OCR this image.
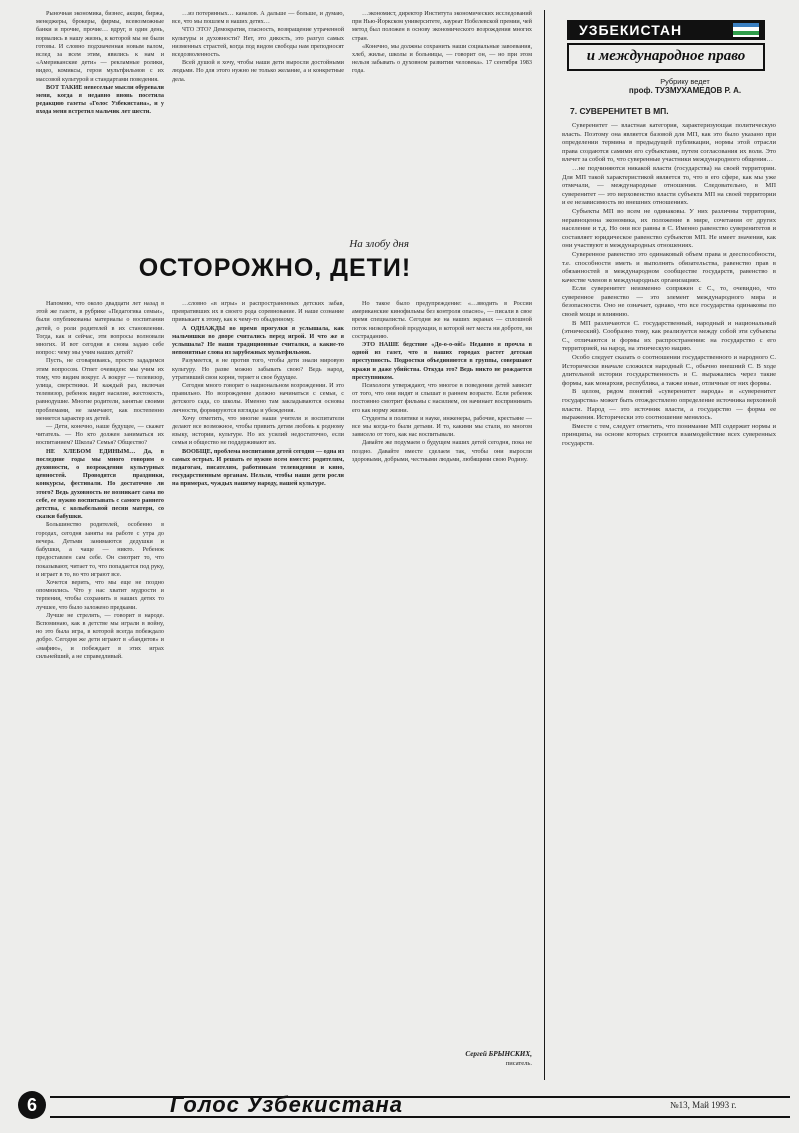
Рыночная экономика, бизнес, акции, биржа, менеджеры, брокеры, фирмы, всевозможные банки и прочие, прочие… вдруг, в один день, ворвались в нашу жизнь, к которой мы не были готовы. И словно подхваченная новым валом, вслед за всем этим, явились к нам и «Американские дети» — рекламные ролики, видео, комиксы, герои мультфильмов с их массовой культурой и стандартами поведения.

ВОТ ТАКИЕ невеселые мысли обуревали меня, когда я недавно вновь посетила редакцию газеты «Голос Узбекистана», и у входа меня встретил мальчик лет шести.

Напомню, что около двадцати лет назад в этой же газете, в рубрике «Педагогика семьи», были опубликованы материалы о воспитании детей, о роли родителей в их становлении. Тогда, как и сейчас, эти вопросы волновали многих. И вот сегодня я снова задаю себе вопрос: чему мы учим наших детей?

Пусть, не сговариваясь, просто зададимся этим вопросом. Ответ очевиден: мы учим их тому, что видим вокруг. А вокруг — телевизор, улица, сверстники. И каждый раз, включая телевизор, ребенок видит насилие, жестокость, равнодушие. Многие родители, занятые своими проблемами, не замечают, как постепенно меняется характер их детей.

— Дети, конечно, наше будущее, — скажет читатель. — Но кто должен заниматься их воспитанием? Школа? Семья? Общество?

НЕ ХЛЕБОМ ЕДИНЫМ… Да, в последние годы мы много говорим о духовности, о возрождении культурных ценностей. Проводятся праздники, конкурсы, фестивали. Но достаточно ли этого? Ведь духовность не возникает сама по себе, ее нужно воспитывать с самого раннего детства, с колыбельной песни матери, со сказки бабушки.

Большинство родителей, особенно в городах, сегодня заняты на работе с утра до вечера. Детьми занимаются дедушки и бабушки, а чаще — никто. Ребенок предоставлен сам себе. Он смотрит то, что показывают, читает то, что попадается под руку, и играет в то, во что играют все.

Хочется верить, что мы еще не поздно опомнились. Что у нас хватит мудрости и терпения, чтобы сохранить в наших детях то лучшее, что было заложено предками.

Лучше не стрелять, — говорит в народе. Вспоминаю, как в детстве мы играли в войну, но это была игра, в которой всегда побеждало добро. Сегодня же дети играют в «бандитов» и «мафию», и побеждает в этих играх сильнейший, а не справедливый.

…из потерянных… каналов. А дальше — больше, и думаю, все, что мы пошлем в наших детях…

ЧТО ЭТО? Демократия, гласность, возвращение утраченной культуры и духовности? Нет, это дикость, это разгул самых низменных страстей, когда под видом свободы нам преподносят вседозволенность.

Всей душой я хочу, чтобы наши дети выросли достойными людьми. Но для этого нужно не только желание, а и конкретные дела.

На злобу дня
ОСТОРОЖНО, ДЕТИ!

…словно «в игры» и распространенных детских забав, превративших их в своего рода соревнование. И наше сознание привыкает к этому, как к чему-то обыденному.

А ОДНАЖДЫ во время прогулки я услышала, как мальчишки во дворе считались перед игрой. И что же я услышала? Не наши традиционные считалки, а какие-то непонятные слова из зарубежных мультфильмов.

Разумеется, я не против того, чтобы дети знали мировую культуру. Но разве можно забывать свою? Ведь народ, утративший свои корни, теряет и свое будущее.

Сегодня много говорят о национальном возрождении. И это правильно. Но возрождение должно начинаться с семьи, с детского сада, со школы. Именно там закладываются основы личности, формируются взгляды и убеждения.

Хочу отметить, что многие наши учителя и воспитатели делают все возможное, чтобы привить детям любовь к родному языку, истории, культуре. Но их усилий недостаточно, если семья и общество не поддерживают их.

ВООБЩЕ, проблема воспитания детей сегодня — одна из самых острых. И решать ее нужно всем вместе: родителям, педагогам, писателям, работникам телевидения и кино, государственным органам. Нельзя, чтобы наши дети росли на примерах, чуждых нашему народу, нашей культуре.

…экономист, директор Института экономических исследований при Нью-Йоркском университете, лауреат Нобелевской премии, чей метод был положен в основу экономического возрождения многих стран.

«Конечно, мы должны сохранить наши социальные завоевания, хлеб, жилье, школы и больницы, — говорит он, — но при этом нельзя забывать о духовном развитии человека». 17 сентября 1983 года.

Но такое было предупреждение: «…вводить в России американские кинофильмы без контроля опасно», — писали в свое время специалисты. Сегодня же на наших экранах — сплошной поток низкопробной продукции, в которой нет места ни доброте, ни состраданию.

ЭТО НАШЕ бедствие «До-о-о-ой!» Недавно я прочла в одной из газет, что в наших городах растет детская преступность. Подростки объединяются в группы, совершают кражи и даже убийства. Откуда это? Ведь никто не рождается преступником.

Психологи утверждают, что многое в поведении детей зависит от того, что они видят и слышат в раннем возрасте. Если ребенок постоянно смотрит фильмы с насилием, он начинает воспринимать его как норму жизни.

Студенты в политике и науке, инженеры, рабочие, крестьяне — все мы когда-то были детьми. И то, какими мы стали, во многом зависело от того, как нас воспитывали.

Давайте же подумаем о будущем наших детей сегодня, пока не поздно. Давайте вместе сделаем так, чтобы они выросли здоровыми, добрыми, честными людьми, любящими свою Родину.

Сергей БРЫНСКИХ,
писатель.
УЗБЕКИСТАН
и международное право
Рубрику ведет
проф. ТУЗМУХАМЕДОВ Р. А.
7. СУВЕРЕНИТЕТ В МП.

Суверенитет — властная категория, характеризующая политическую власть. Поэтому она является базовой для МП, как это было указано при определении термина в предыдущей публикации, нормы этой отрасли права создаются самими его субъектами, путем согласования их воли. Это влечет за собой то, что суверенные участники международного общения…

…не подчиняются никакой власти (государства) на своей территории. Для МП такой характеристикой является то, что в его сфере, как мы уже отмечали, — международные отношения. Следовательно, в МП суверенитет — это верховенство власти субъекта МП на своей территории и ее независимость во внешних отношениях.

Субъекты МП во всем не одинаковы. У них различны территории, неравноценна экономика, их положение в мире, сочетания от других население и т.д. Но они все равны в С. Именно равенство суверенитетов и составляет юридическое равенство субъектов МП. Не имеет значения, как они участвуют в международных отношениях.

Суверенное равенство это одинаковый объем права и дееспособности, т.е. способности иметь и выполнять обязательства, равенство прав в обязанностей в международном сообществе государств, равенство в качестве членов в международных организациях.

Если суверенитет неизменно сопряжен с С., то, очевидно, что суверенное равенство — это элемент международного мира и безопасности. Оно не означает, однако, что все государства одинаковы по своей мощи и влиянию.

В МП различаются С. государственный, народный и национальный (этнический). Сообразно тому, как реализуется между собой эти субъекты С., отличаются и формы их распространения: на государство с его территорией, на народ, на этническую нацию.

Особо следует сказать о соотношении государственного и народного С. Исторически вначале сложился народный С., обычно внешний С. В ходе длительной истории государственность и С. выражались через такие формы, как монархия, республика, а также иные, отличные от них формы.

В целом, рядом понятий «суверенитет народа» и «суверенитет государства» может быть отождествлено определение источника верховной власти. Народ — это источник власти, а государство — форма ее выражения. Исторически это соотношение менялось.

Вместе с тем, следует отметить, что понимание МП содержит нормы и принципы, на основе которых строится взаимодействие всех суверенных государств.

6	Голос Узбекистана	№13, Май 1993 г.
